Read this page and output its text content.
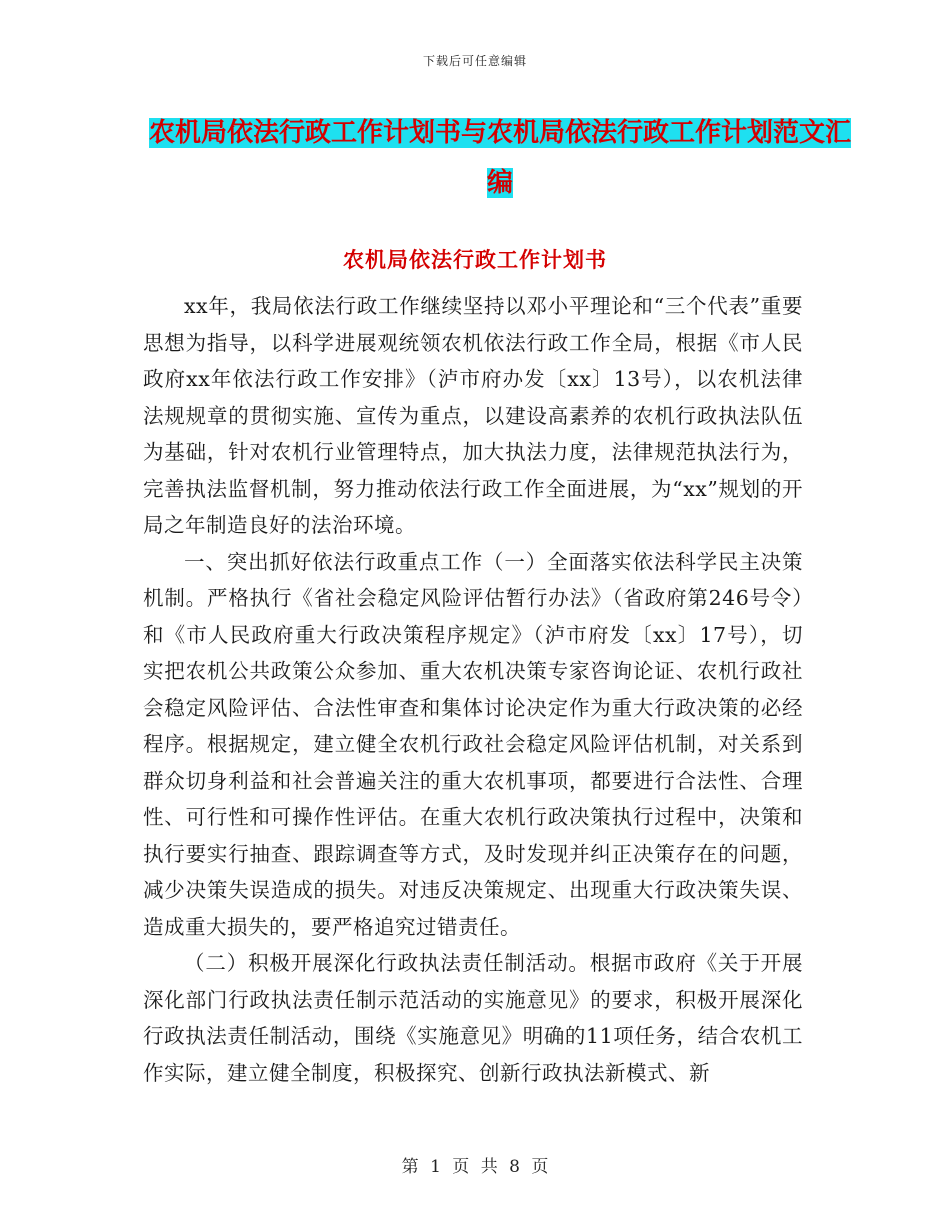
下载后可任意编辑
农机局依法行政工作计划书与农机局依法行政工作计划范文汇编
农机局依法行政工作计划书

xx年，我局依法行政工作继续坚持以邓小平理论和“三个代表”重要思想为指导，以科学进展观统领农机依法行政工作全局，根据《市人民政府xx年依法行政工作安排》（泸市府办发〔xx〕13号），以农机法律法规规章的贯彻实施、宣传为重点，以建设高素养的农机行政执法队伍为基础，针对农机行业管理特点，加大执法力度，法律规范执法行为，完善执法监督机制，努力推动依法行政工作全面进展，为“xx”规划的开局之年制造良好的法治环境。

一、突出抓好依法行政重点工作（一）全面落实依法科学民主决策机制。严格执行《省社会稳定风险评估暂行办法》（省政府第246号令）和《市人民政府重大行政决策程序规定》（泸市府发〔xx〕17号），切实把农机公共政策公众参加、重大农机决策专家咨询论证、农机行政社会稳定风险评估、合法性审查和集体讨论决定作为重大行政决策的必经程序。根据规定，建立健全农机行政社会稳定风险评估机制，对关系到群众切身利益和社会普遍关注的重大农机事项，都要进行合法性、合理性、可行性和可操作性评估。在重大农机行政决策执行过程中，决策和执行要实行抽查、跟踪调查等方式，及时发现并纠正决策存在的问题，减少决策失误造成的损失。对违反决策规定、出现重大行政决策失误、造成重大损失的，要严格追究过错责任。

（二）积极开展深化行政执法责任制活动。根据市政府《关于开展深化部门行政执法责任制示范活动的实施意见》的要求，积极开展深化行政执法责任制活动，围绕《实施意见》明确的11项任务，结合农机工作实际，建立健全制度，积极探究、创新行政执法新模式、新

第 1 页 共 8 页
